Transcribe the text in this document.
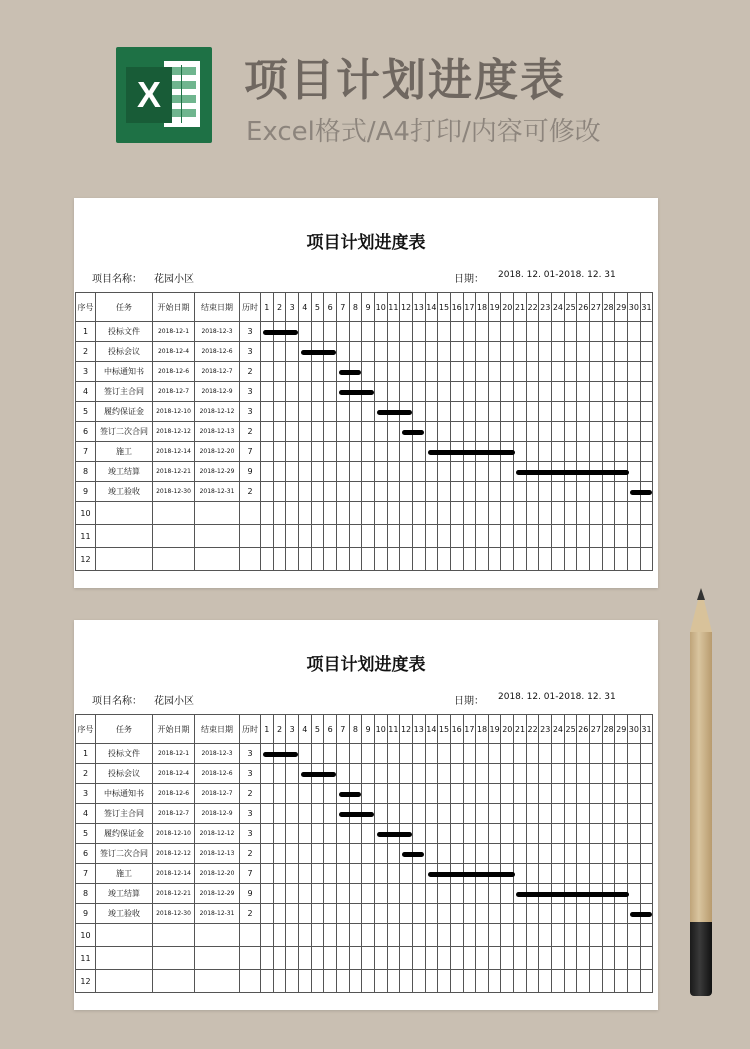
X 项目计划进度表
Excel格式/A4打印/内容可修改
项目计划进度表
项目名称： 花园小区	日期： 2018. 12. 01-2018. 12. 31
序号	任务	开始日期	结束日期	历时	1	2	3	4	5	6	7	8	9	10	11	12	13	14	15	16	17	18	19	20	21	22	23	24	25	26	27	28	29	30	31
1	投标文件	2018-12-1	2018-12-3	3	

2	投标会议	2018-12-4	2018-12-6	3				

3	中标通知书	2018-12-6	2018-12-7	2							

4	签订主合同	2018-12-7	2018-12-9	3							

5	履约保证金	2018-12-10	2018-12-12	3										

6	签订二次合同	2018-12-12	2018-12-13	2												

7	施工	2018-12-14	2018-12-20	7														

8	竣工结算	2018-12-21	2018-12-29	9																					

9	竣工验收	2018-12-30	2018-12-31	2																														

10																																			
11																																			
12																																			
项目计划进度表
项目名称： 花园小区	日期： 2018. 12. 01-2018. 12. 31
序号	任务	开始日期	结束日期	历时	1	2	3	4	5	6	7	8	9	10	11	12	13	14	15	16	17	18	19	20	21	22	23	24	25	26	27	28	29	30	31
1	投标文件	2018-12-1	2018-12-3	3	

2	投标会议	2018-12-4	2018-12-6	3				

3	中标通知书	2018-12-6	2018-12-7	2							

4	签订主合同	2018-12-7	2018-12-9	3							

5	履约保证金	2018-12-10	2018-12-12	3										

6	签订二次合同	2018-12-12	2018-12-13	2												

7	施工	2018-12-14	2018-12-20	7														

8	竣工结算	2018-12-21	2018-12-29	9																					

9	竣工验收	2018-12-30	2018-12-31	2																														

10																																			
11																																			
12																																			
